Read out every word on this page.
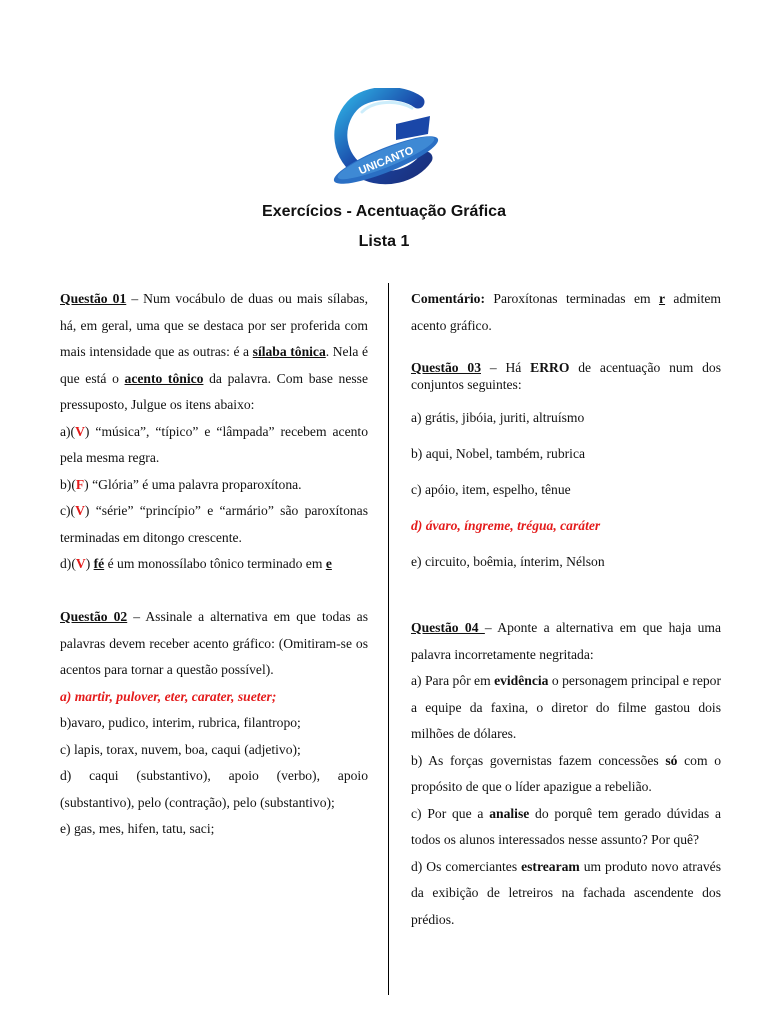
UNICANTO
Exercícios - Acentuação Gráfica
Lista 1

Questão 01 – Num vocábulo de duas ou mais sílabas, há, em geral, uma que se destaca por ser proferida com mais intensidade que as outras: é a sílaba tônica. Nela é que está o acento tônico da palavra. Com base nesse pressuposto, Julgue os itens abaixo:

a)(V) “música”, “típico” e “lâmpada” recebem acento pela mesma regra.

b)(F) “Glória” é uma palavra proparoxítona.

c)(V) “série” “princípio” e “armário” são paroxítonas terminadas em ditongo crescente.

d)(V) fé é um monossílabo tônico terminado em e

Questão 02 – Assinale a alternativa em que todas as palavras devem receber acento gráfico: (Omitiram-se os acentos para tornar a questão possível).

a) martir, pulover, eter, carater, sueter;

b)avaro, pudico, interim, rubrica, filantropo;

c) lapis, torax, nuvem, boa, caqui (adjetivo);

d) caqui (substantivo), apoio (verbo), apoio (substantivo), pelo (contração), pelo (substantivo);

e) gas, mes, hifen, tatu, saci;

Comentário: Paroxítonas terminadas em r admitem acento gráfico.

Questão 03 – Há ERRO de acentuação num dos conjuntos seguintes:

a) grátis, jibóia, juriti, altruísmo

b) aqui, Nobel, também, rubrica

c) apóio, item, espelho, tênue

d) ávaro, íngreme, trégua, caráter

e) circuito, boêmia, ínterim, Nélson

Questão 04 – Aponte a alternativa em que haja uma palavra incorretamente negritada:

a) Para pôr em evidência o personagem principal e repor a equipe da faxina, o diretor do filme gastou dois milhões de dólares.

b) As forças governistas fazem concessões só com o propósito de que o líder apazigue a rebelião.

c) Por que a analise do porquê tem gerado dúvidas a todos os alunos interessados nesse assunto? Por quê?

d) Os comerciantes estrearam um produto novo através da exibição de letreiros na fachada ascendente dos prédios.
